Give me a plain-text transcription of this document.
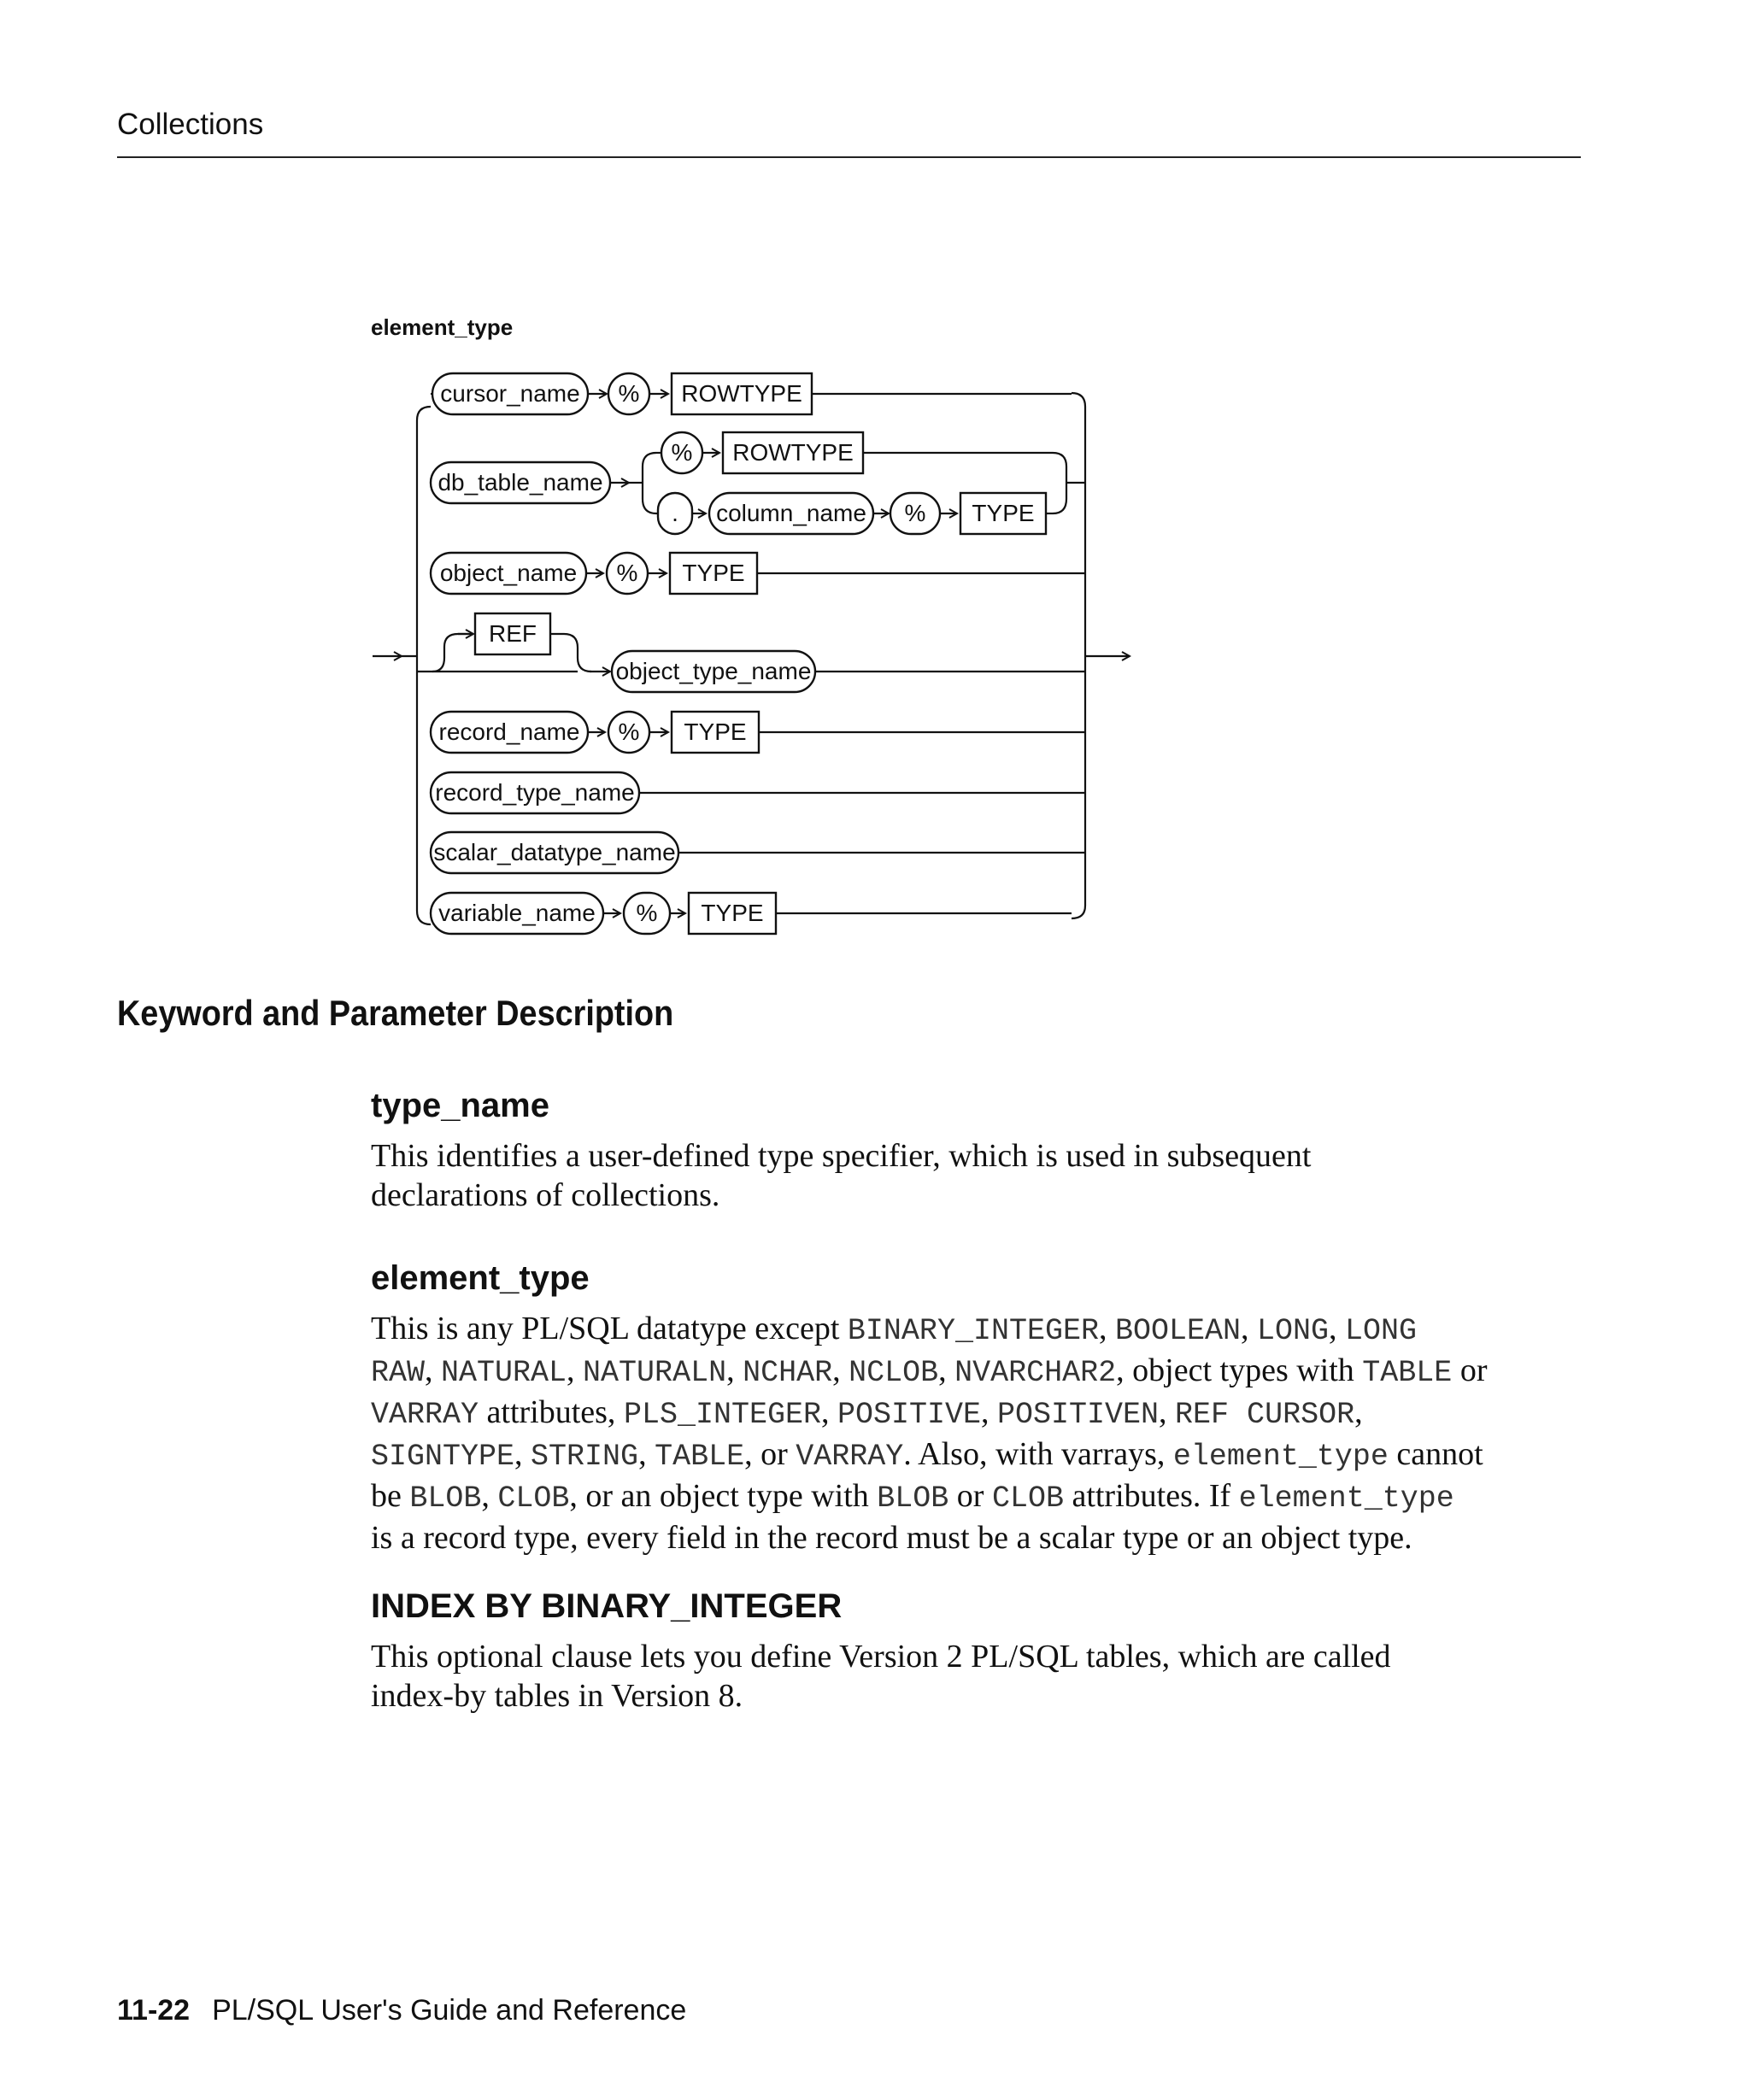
Collections
element_type
cursor_name % ROWTYPE
db_table_name
% ROWTYPE
. column_name % TYPE
object_name % TYPE
REF
object_type_name
record_name % TYPE
record_type_name
scalar_datatype_name
variable_name % TYPE
Keyword and Parameter Description
type_name
This identifies a user-defined type specifier, which is used in subsequent
declarations of collections.
element_type
This is any PL/SQL datatype except BINARY_INTEGER, BOOLEAN, LONG, LONG
RAW, NATURAL, NATURALN, NCHAR, NCLOB, NVARCHAR2, object types with TABLE or
VARRAY attributes, PLS_INTEGER, POSITIVE, POSITIVEN, REF CURSOR,
SIGNTYPE, STRING, TABLE, or VARRAY. Also, with varrays, element_type cannot
be BLOB, CLOB, or an object type with BLOB or CLOB attributes. If element_type
is a record type, every field in the record must be a scalar type or an object type.
INDEX BY BINARY_INTEGER
This optional clause lets you define Version 2 PL/SQL tables, which are called
index-by tables in Version 8.
11-22 PL/SQL User's Guide and Reference
